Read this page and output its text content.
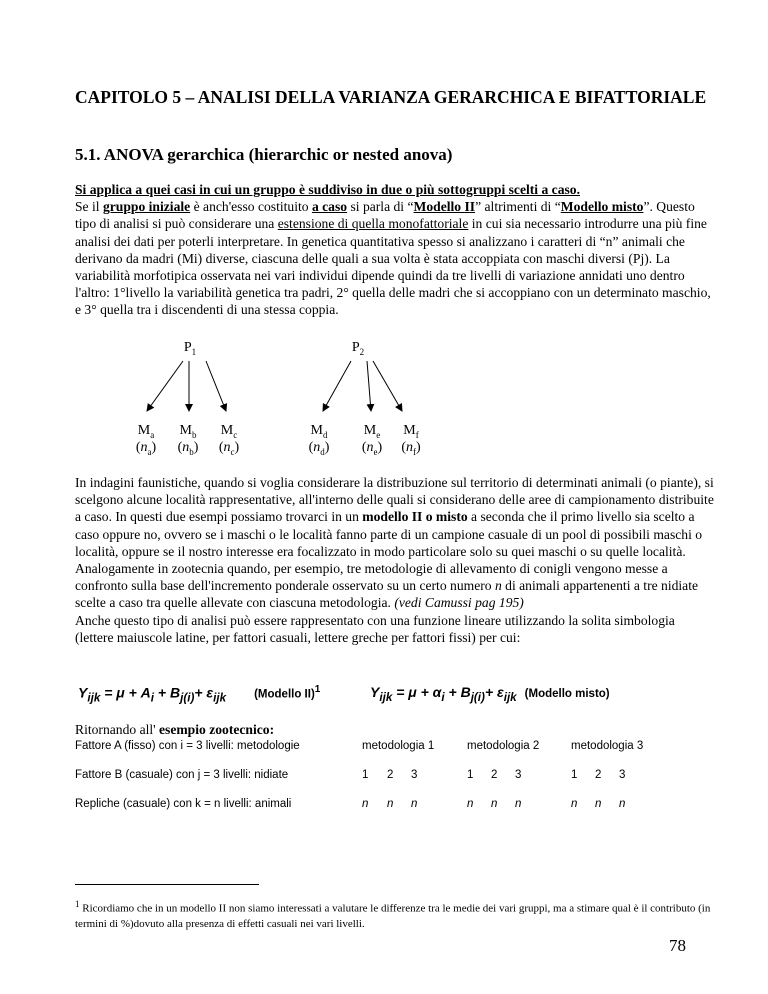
CAPITOLO 5 – ANALISI DELLA VARIANZA GERARCHICA E BIFATTORIALE
5.1. ANOVA gerarchica (hierarchic or nested anova)

Si applica a quei casi in cui un gruppo è suddiviso in due o più sottogruppi scelti a caso.
Se il gruppo iniziale è anch'esso costituito a caso si parla di “Modello II” altrimenti di “Modello misto”. Questo tipo di analisi si può considerare una estensione di quella monofattoriale in cui sia necessario introdurre una più fine analisi dei dati per poterli interpretare. In genetica quantitativa spesso si analizzano i caratteri di “n” animali che derivano da madri (Mi) diverse, ciascuna delle quali a sua volta è stata accoppiata con maschi diversi (Pj). La variabilità morfotipica osservata nei vari individui dipende quindi da tre livelli di variazione annidati uno dentro l'altro: 1°livello la variabilità genetica tra padri, 2° quella delle madri che si accoppiano con un determinato maschio, e 3° quella tra i discendenti di una stessa coppia.

$P_1$	$P_2$
$M_a$
$(n_a)$
$M_b$
$(n_b)$
$M_c$
$(n_c)$
$M_d$
$(n_d)$
$M_e$
$(n_e)$
$M_f$
$(n_f)$

In indagini faunistiche, quando si voglia considerare la distribuzione sul territorio di determinati animali (o piante), si scelgono alcune località rappresentative, all'interno delle quali si considerano delle aree di campionamento distribuite a caso. In questi due esempi possiamo trovarci in un modello II o misto a seconda che il primo livello sia scelto a caso oppure no, ovvero se i maschi o le località fanno parte di un campione casuale di un pool di possibili maschi o località, oppure se il nostro interesse era focalizzato in modo particolare solo su quei maschi o su quelle località. Analogamente in zootecnia quando, per esempio, tre metodologie di allevamento di conigli vengono messe a confronto sulla base dell'incremento ponderale osservato su un certo numero n di animali appartenenti a tre nidiate scelte a caso tra quelle allevate con ciascuna metodologia. (vedi Camussi pag 195)
Anche questo tipo di analisi può essere rappresentato con una funzione lineare utilizzando la solita simbologia (lettere maiuscole latine, per fattori casuali, lettere greche per fattori fissi) per cui:

$Y_{ijk} = \mu + A_i + B_{j(i)}+ \varepsilon_{ijk}$ (Modello II)$^1$	$Y_{ijk} = \mu + \alpha_i + B_{j(i)}+ \varepsilon_{ijk}$ (Modello misto)
Ritornando all' esempio zootecnico:
Fattore A (fisso) con i = 3 livelli: metodologie	metodologia 1	metodologia 2	metodologia 3
Fattore B (casuale) con j = 3 livelli: nidiate	1 2 3	1 2 3	1 2 3
Repliche (casuale) con k = n livelli: animali	n n n	n n n	n n n
$^1$ Ricordiamo che in un modello II non siamo interessati a valutare le differenze tra le medie dei vari gruppi, ma a stimare qual è il contributo (in termini di %)dovuto alla presenza di effetti casuali nei vari livelli.
78
